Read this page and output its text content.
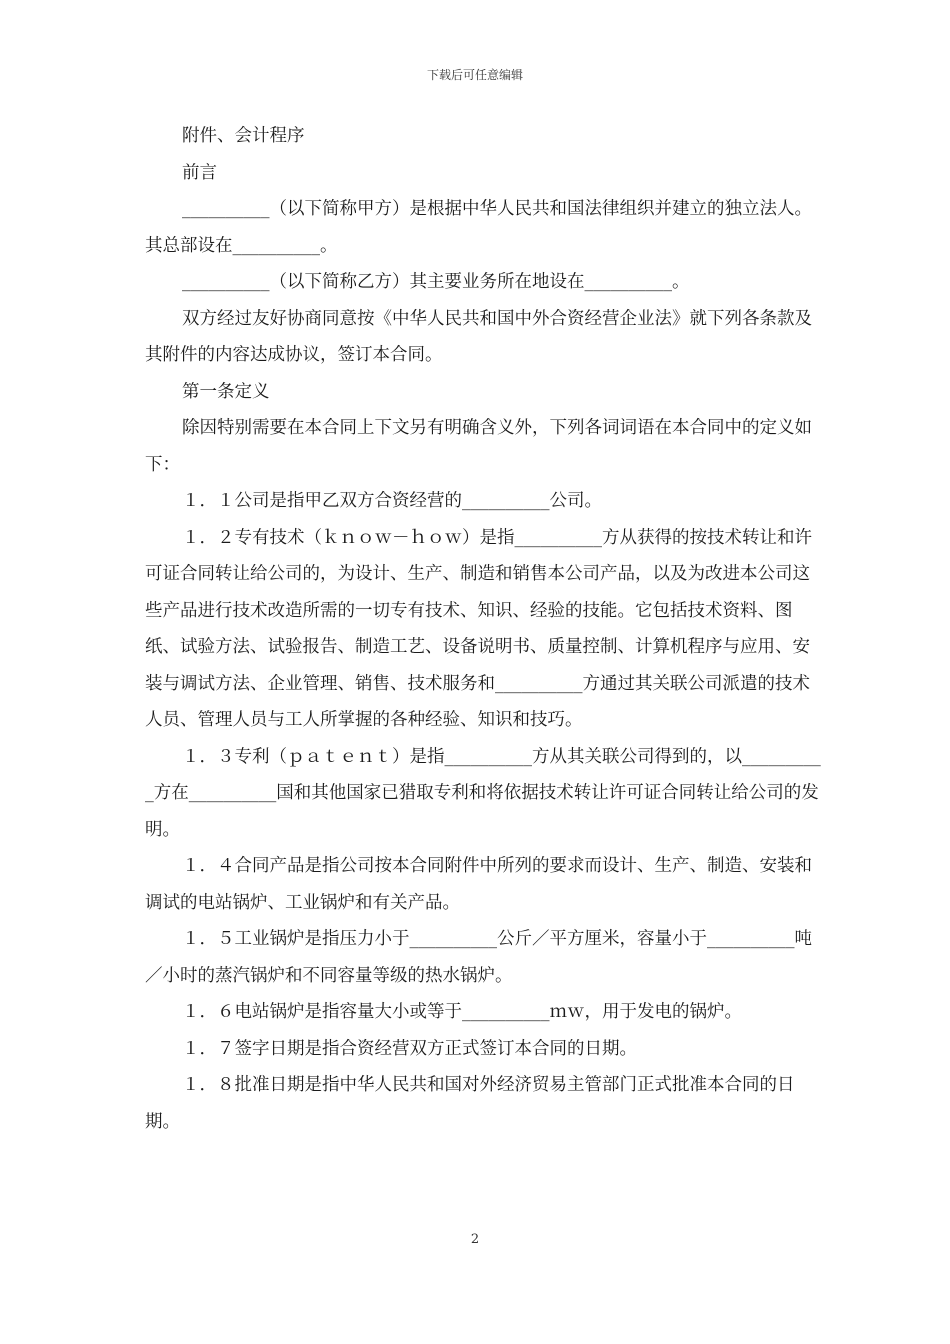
下载后可任意编辑

附件、会计程序

前言

__________（以下简称甲方）是根据中华人民共和国法律组织并建立的独立法人。其总部设在__________。

__________（以下简称乙方）其主要业务所在地设在__________。

双方经过友好协商同意按《中华人民共和国中外合资经营企业法》就下列各条款及其附件的内容达成协议，签订本合同。

第一条定义

除因特别需要在本合同上下文另有明确含义外，下列各词词语在本合同中的定义如下：

１．１公司是指甲乙双方合资经营的__________公司。

１．２专有技术（ｋｎｏｗ－ｈｏｗ）是指__________方从获得的按技术转让和许可证合同转让给公司的，为设计、生产、制造和销售本公司产品，以及为改进本公司这些产品进行技术改造所需的一切专有技术、知识、经验的技能。它包括技术资料、图纸、试验方法、试验报告、制造工艺、设备说明书、质量控制、计算机程序与应用、安装与调试方法、企业管理、销售、技术服务和__________方通过其关联公司派遣的技术人员、管理人员与工人所掌握的各种经验、知识和技巧。

１．３专利（ｐａｔｅｎｔ）是指__________方从其关联公司得到的，以__________方在__________国和其他国家已猎取专利和将依据技术转让许可证合同转让给公司的发明。

１．４合同产品是指公司按本合同附件中所列的要求而设计、生产、制造、安装和调试的电站锅炉、工业锅炉和有关产品。

１．５工业锅炉是指压力小于__________公斤／平方厘米，容量小于__________吨／小时的蒸汽锅炉和不同容量等级的热水锅炉。

１．６电站锅炉是指容量大小或等于__________ｍｗ，用于发电的锅炉。

１．７签字日期是指合资经营双方正式签订本合同的日期。

１．８批准日期是指中华人民共和国对外经济贸易主管部门正式批准本合同的日期。

2
